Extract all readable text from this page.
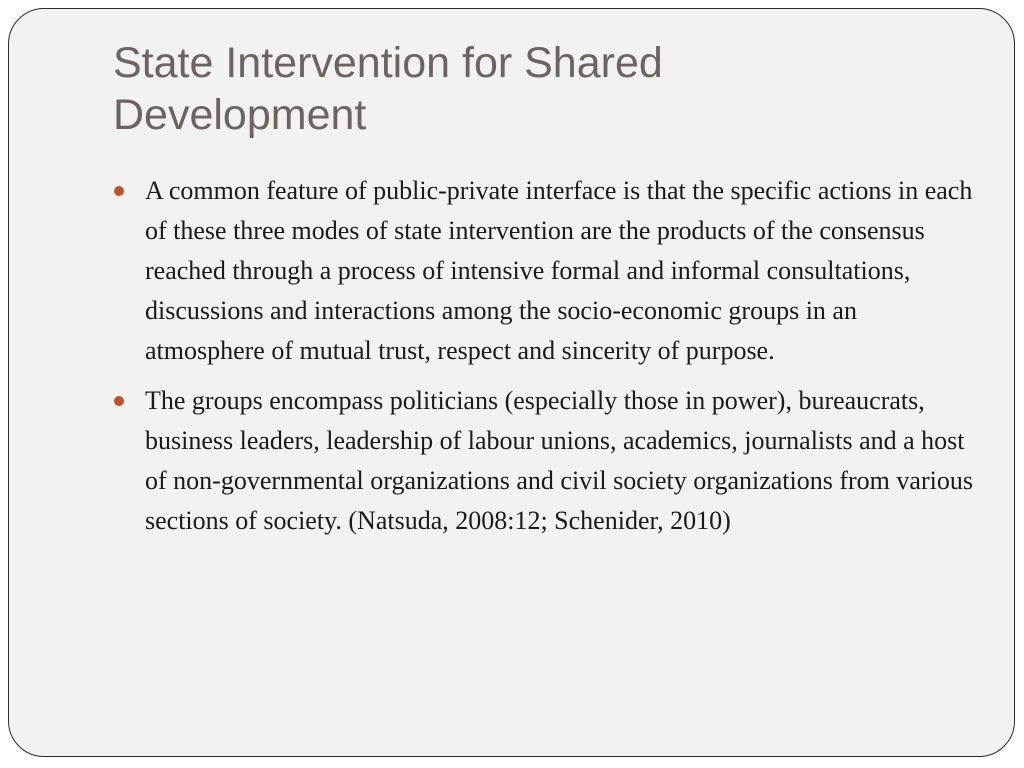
State Intervention for Shared
Development
A common feature of public-private interface is that the specific actions in each of these three modes of state intervention are the products of the consensus reached through a process of intensive formal and informal consultations, discussions and interactions among the socio-economic groups in an atmosphere of mutual trust, respect and sincerity of purpose.
The groups encompass politicians (especially those in power), bureaucrats, business leaders, leadership of labour unions, academics, journalists and a host of non-governmental organizations and civil society organizations from various sections of society. (Natsuda, 2008:12; Schenider, 2010)
